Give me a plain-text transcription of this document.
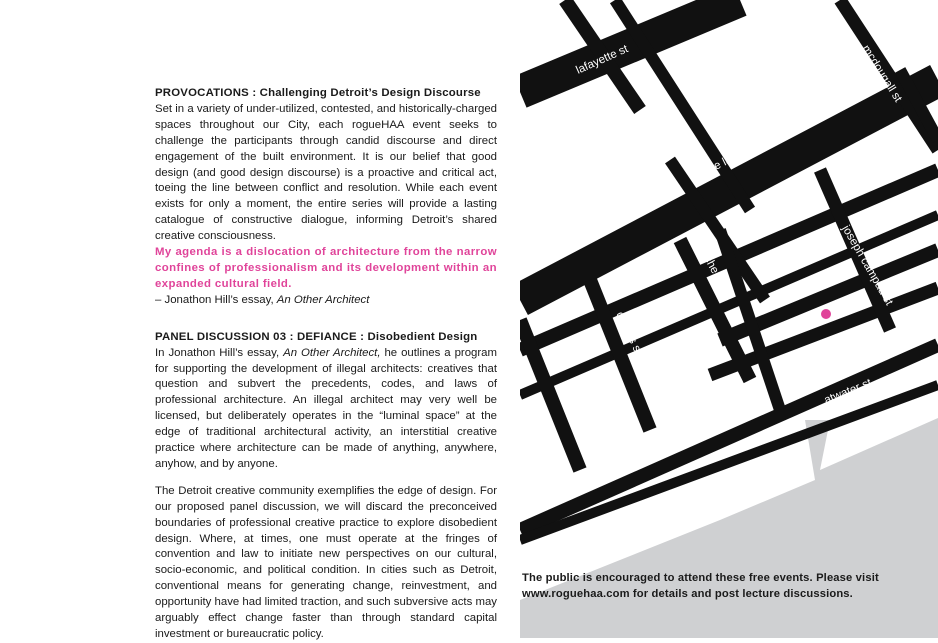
PROVOCATIONS : Challenging Detroit’s Design Discourse

Set in a variety of under-utilized, contested, and historically-charged spaces throughout our City, each rogueHAA event seeks to challenge the participants through candid discourse and direct engagement of the built environment. It is our belief that good design (and good design discourse) is a proactive and critical act, toeing the line between conflict and resolution. While each event exists for only a moment, the entire series will provide a lasting catalogue of constructive dialogue, informing Detroit’s shared creative consciousness.

My agenda is a dislocation of architecture from the narrow confines of professionalism and its development within an expanded cultural field.

– Jonathon Hill’s essay, An Other Architect

PANEL DISCUSSION 03 : DEFIANCE : Disobedient Design

In Jonathon Hill’s essay, An Other Architect, he outlines a program for supporting the development of illegal architects: creatives that question and subvert the precedents, codes, and laws of professional architecture. An illegal architect may very well be licensed, but deliberately operates in the “luminal space” at the edge of traditional architectural activity, an interstitial creative practice where architecture can be made of anything, anywhere, anyhow, and by anyone.

The Detroit creative community exemplifies the edge of design. For our proposed panel discussion, we will discard the preconceived boundaries of professional creative practice to explore disobedient design. Where, at times, one must operate at the fringes of convention and law to initiate new perspectives on our cultural, socio-economic, and political condition. In cities such as Detroit, conventional means for generating change, reinvestment, and opportunity have had limited traction, and such subversive acts may arguably effect change faster than through standard capital investment or bureaucratic policy.

lafayette st	mcdougall st
e larned st
e jefferson ave
joseph campau st
chene st	e franklin st
dubois st	guoin st
atwater st

The public is encouraged to attend these free events. Please visit www.roguehaa.com for details and post lecture discussions.
